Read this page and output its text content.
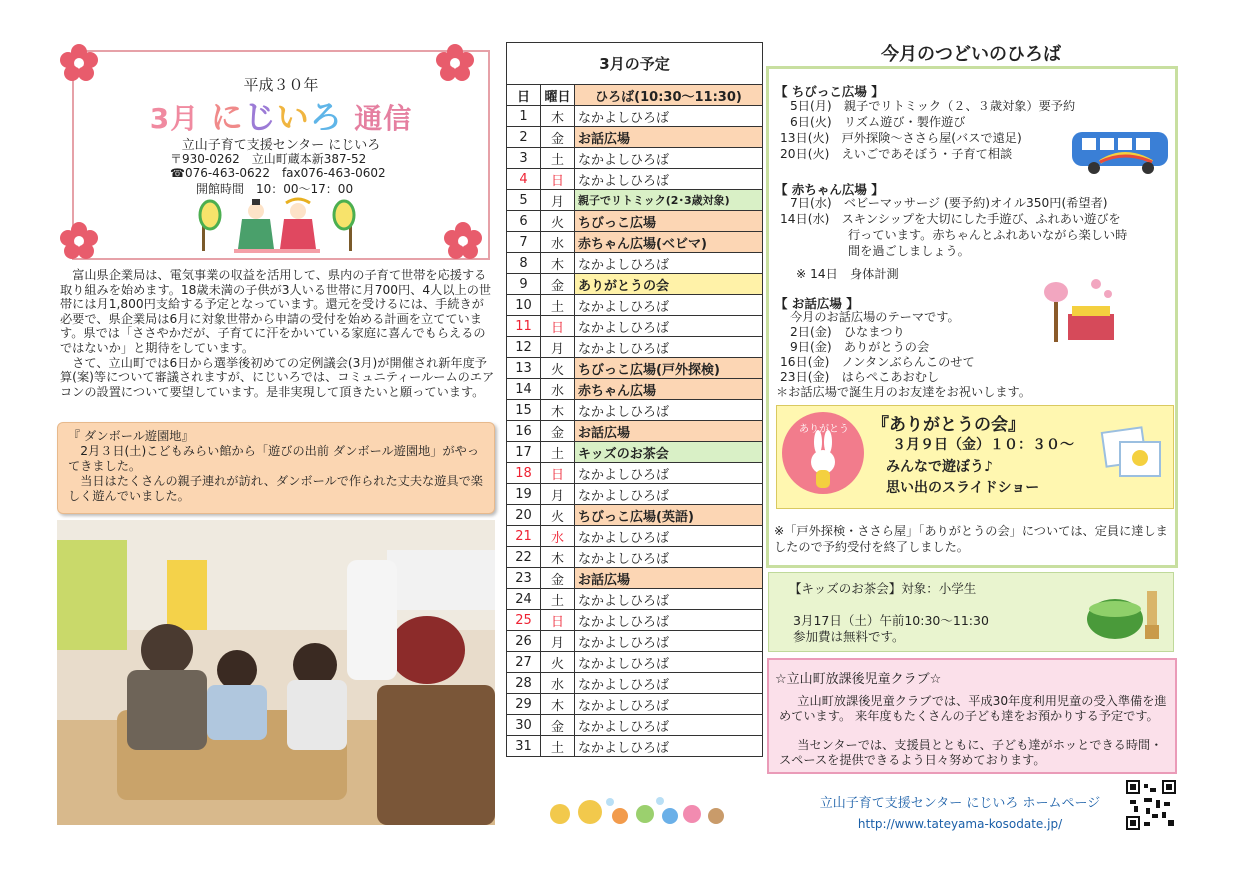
平成３０年
3月 にじいろ 通信
立山子育て支援センター にじいろ
〒930-0262　立山町蔵本新387-52
☎076-463-0622　fax076-463-0602
開館時間　10：00～17：00
富山県企業局は、電気事業の収益を活用して、県内の子育て世帯を応援する取り組みを始めます。18歳未満の子供が3人いる世帯に月700円、4人以上の世帯には月1,800円支給する予定となっています。還元を受けるには、手続きが必要で、県企業局は6月に対象世帯から申請の受付を始める計画を立てています。県では「ささやかだが、子育てに汗をかいている家庭に喜んでもらえるのではないか」と期待をしています。
さて、立山町では6日から選挙後初めての定例議会(3月)が開催され新年度予算(案)等について審議されますが、にじいろでは、コミュニティールームのエアコンの設置について要望しています。是非実現して頂きたいと願っています。
『 ダンボール遊園地』
2月３日(土)こどもみらい館から「遊びの出前 ダンボール遊園地」がやってきました。
当日はたくさんの親子連れが訪れ、ダンボールで作られた丈夫な遊具で楽しく遊んでいました。
3月の予定		
日	曜日	ひろば(10:30～11:30)
1	木	なかよしひろば
2	金	お話広場
3	土	なかよしひろば
4	日	なかよしひろば
5	月	親子でリトミック(2･3歳対象)
6	火	ちびっこ広場
7	水	赤ちゃん広場(ベビマ)
8	木	なかよしひろば
9	金	ありがとうの会
10	土	なかよしひろば
11	日	なかよしひろば
12	月	なかよしひろば
13	火	ちびっこ広場(戸外探検)
14	水	赤ちゃん広場
15	木	なかよしひろば
16	金	お話広場
17	土	キッズのお茶会
18	日	なかよしひろば
19	月	なかよしひろば
20	火	ちびっこ広場(英語)
21	水	なかよしひろば
22	木	なかよしひろば
23	金	お話広場
24	土	なかよしひろば
25	日	なかよしひろば
26	月	なかよしひろば
27	火	なかよしひろば
28	水	なかよしひろば
29	木	なかよしひろば
30	金	なかよしひろば
31	土	なかよしひろば
今月のつどいのひろば
【 ちびっこ広場 】
5日(月)　親子でリトミック（２、３歳対象）要予約
6日(火)　リズム遊び・製作遊び
13日(火)　戸外探険～ささら屋(バスで遠足)
20日(火)　えいごであそぼう・子育て相談
【 赤ちゃん広場 】
7日(水)　ベビーマッサージ (要予約)オイル350円(希望者)
14日(水)　スキンシップを大切にした手遊び、ふれあい遊びを
行っています。赤ちゃんとふれあいながら楽しい時
間を過ごしましょう。
※ 14日　身体計測
【 お話広場 】
今月のお話広場のテーマです。
2日(金)　ひなまつり
9日(金)　ありがとうの会
16日(金)　ノンタンぶらんこのせて
23日(金)　はらぺこあおむし
＊お話広場で誕生月のお友達をお祝いします。
ありがとう	『ありがとうの会』
３月９日（金）１０：３０～
みんなで遊ぼう♪
思い出のスライドショー
※「戸外探検・ささら屋」「ありがとうの会」については、定員に達しましたので予約受付を終了しました。
【キッズのお茶会】対象：小学生
3月17日（土）午前10:30～11:30
参加費は無料です。
☆立山町放課後児童クラブ☆
立山町放課後児童クラブでは、平成30年度利用児童の受入準備を進めています。 来年度もたくさんの子ども達をお預かりする予定です。
当センターでは、支援員とともに、子ども達がホッとできる時間・スペースを提供できるよう日々努めております。
立山子育て支援センター にじいろ ホームページ
http://www.tateyama-kosodate.jp/
